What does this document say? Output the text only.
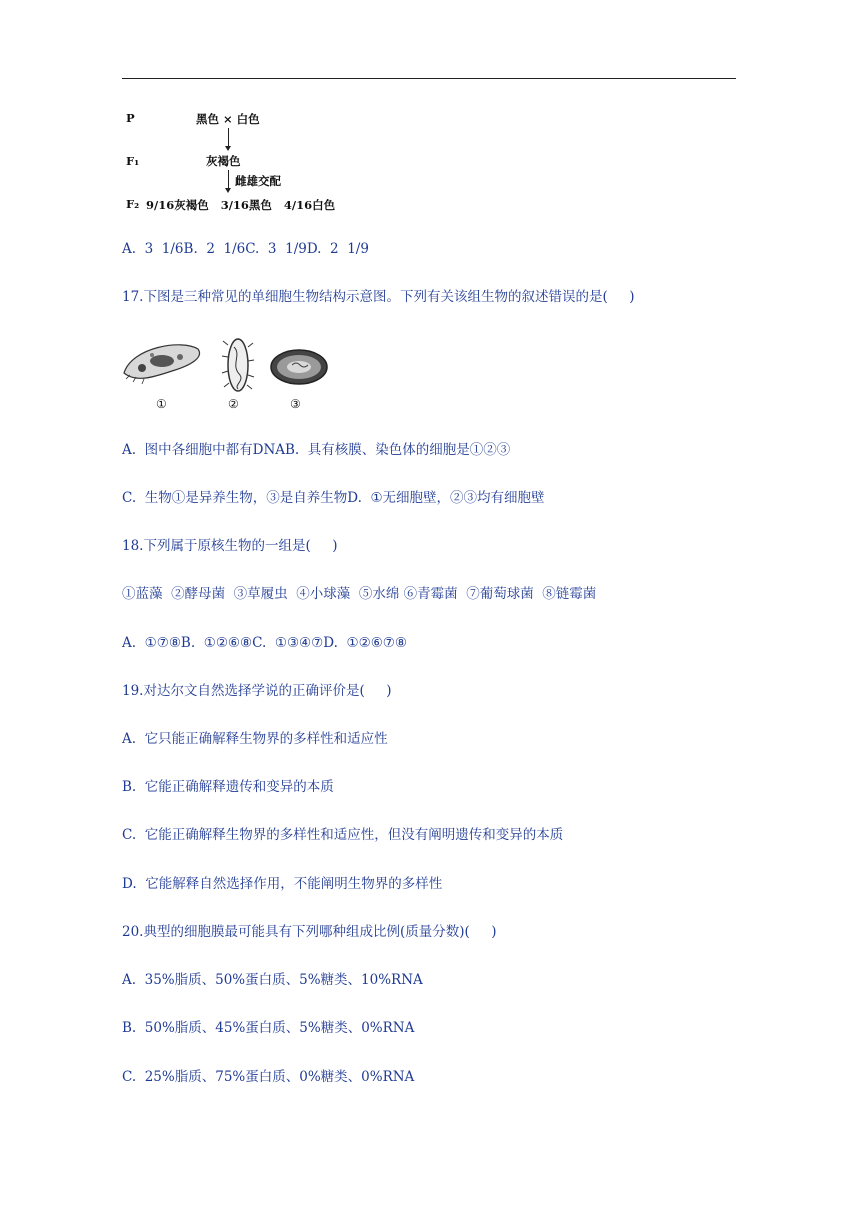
P	黑色 × 白色
F₁	灰褐色
雌雄交配
F₂ 9/16灰褐色   3/16黑色   4/16白色
A.  3  1/6B.  2  1/6C.  3  1/9D.  2  1/9
17.下图是三种常见的单细胞生物结构示意图。下列有关该组生物的叙述错误的是(     )
①	②	③
A.  图中各细胞中都有DNAB.  具有核膜、染色体的细胞是①②③
C.  生物①是异养生物，③是自养生物D.  ①无细胞壁，②③均有细胞壁
18.下列属于原核生物的一组是(     )
①蓝藻  ②酵母菌  ③草履虫  ④小球藻  ⑤水绵 ⑥青霉菌  ⑦葡萄球菌  ⑧链霉菌
A.  ①⑦⑧B.  ①②⑥⑧C.  ①③④⑦D.  ①②⑥⑦⑧
19.对达尔文自然选择学说的正确评价是(     )
A.  它只能正确解释生物界的多样性和适应性
B.  它能正确解释遗传和变异的本质
C.  它能正确解释生物界的多样性和适应性，但没有阐明遗传和变异的本质
D.  它能解释自然选择作用，不能阐明生物界的多样性
20.典型的细胞膜最可能具有下列哪种组成比例(质量分数)(     )
A.  35%脂质、50%蛋白质、5%糖类、10%RNA
B.  50%脂质、45%蛋白质、5%糖类、0%RNA
C.  25%脂质、75%蛋白质、0%糖类、0%RNA
